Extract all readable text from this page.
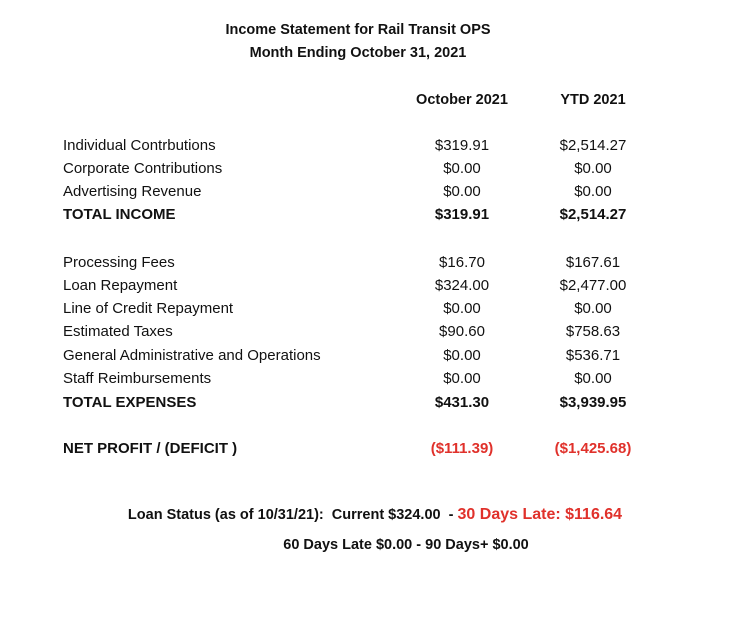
Income Statement for Rail Transit OPS
Month Ending October 31, 2021
October 2021	YTD 2021
Individual Contrbutions	$319.91	$2,514.27
Corporate Contributions	$0.00	$0.00
Advertising Revenue	$0.00	$0.00
TOTAL INCOME	$319.91	$2,514.27
Processing Fees	$16.70	$167.61
Loan Repayment	$324.00	$2,477.00
Line of Credit Repayment	$0.00	$0.00
Estimated Taxes	$90.60	$758.63
General Administrative and Operations	$0.00	$536.71
Staff Reimbursements	$0.00	$0.00
TOTAL EXPENSES	$431.30	$3,939.95
NET PROFIT / (DEFICIT )	($111.39)	($1,425.68)
Loan Status (as of 10/31/21):  Current $324.00  - 30 Days Late: $116.64
60 Days Late $0.00 - 90 Days+ $0.00
